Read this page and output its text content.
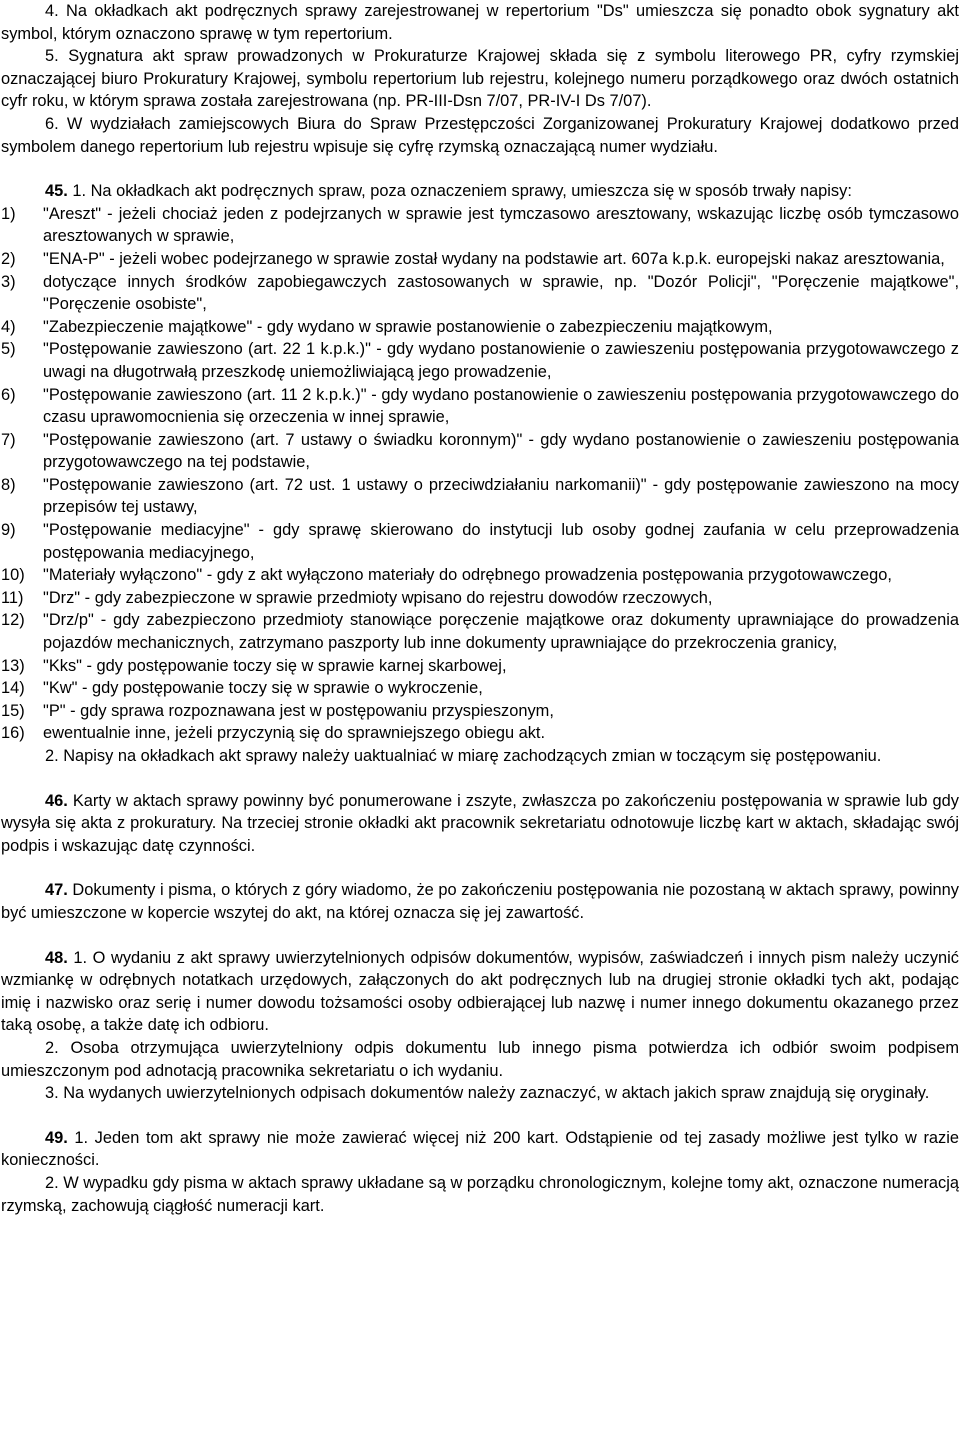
4. Na okładkach akt podręcznych sprawy zarejestrowanej w repertorium "Ds" umieszcza się ponadto obok sygnatury akt symbol, którym oznaczono sprawę w tym repertorium.

5. Sygnatura akt spraw prowadzonych w Prokuraturze Krajowej składa się z symbolu literowego PR, cyfry rzymskiej oznaczającej biuro Prokuratury Krajowej, symbolu repertorium lub rejestru, kolejnego numeru porządkowego oraz dwóch ostatnich cyfr roku, w którym sprawa została zarejestrowana (np. PR-III-Dsn 7/07, PR-IV-I Ds 7/07).

6. W wydziałach zamiejscowych Biura do Spraw Przestępczości Zorganizowanej Prokuratury Krajowej dodatkowo przed symbolem danego repertorium lub rejestru wpisuje się cyfrę rzymską oznaczającą numer wydziału.

45. 1. Na okładkach akt podręcznych spraw, poza oznaczeniem sprawy, umieszcza się w sposób trwały napisy:

1)	"Areszt" - jeżeli chociaż jeden z podejrzanych w sprawie jest tymczasowo aresztowany, wskazując liczbę osób tymczasowo aresztowanych w sprawie,
2)	"ENA-P" - jeżeli wobec podejrzanego w sprawie został wydany na podstawie art. 607a k.p.k. europejski nakaz aresztowania,
3)	dotyczące innych środków zapobiegawczych zastosowanych w sprawie, np. "Dozór Policji", "Poręczenie majątkowe", "Poręczenie osobiste",
4)	"Zabezpieczenie majątkowe" - gdy wydano w sprawie postanowienie o zabezpieczeniu majątkowym,
5)	"Postępowanie zawieszono (art. 22 1 k.p.k.)" - gdy wydano postanowienie o zawieszeniu postępowania przygotowawczego z uwagi na długotrwałą przeszkodę uniemożliwiającą jego prowadzenie,
6)	"Postępowanie zawieszono (art. 11 2 k.p.k.)" - gdy wydano postanowienie o zawieszeniu postępowania przygotowawczego do czasu uprawomocnienia się orzeczenia w innej sprawie,
7)	"Postępowanie zawieszono (art. 7 ustawy o świadku koronnym)" - gdy wydano postanowienie o zawieszeniu postępowania przygotowawczego na tej podstawie,
8)	"Postępowanie zawieszono (art. 72 ust. 1 ustawy o przeciwdziałaniu narkomanii)" - gdy postępowanie zawieszono na mocy przepisów tej ustawy,
9)	"Postępowanie mediacyjne" - gdy sprawę skierowano do instytucji lub osoby godnej zaufania w celu przeprowadzenia postępowania mediacyjnego,
10)	"Materiały wyłączono" - gdy z akt wyłączono materiały do odrębnego prowadzenia postępowania przygotowawczego,
11)	"Drz" - gdy zabezpieczone w sprawie przedmioty wpisano do rejestru dowodów rzeczowych,
12)	"Drz/p" - gdy zabezpieczono przedmioty stanowiące poręczenie majątkowe oraz dokumenty uprawniające do prowadzenia pojazdów mechanicznych, zatrzymano paszporty lub inne dokumenty uprawniające do przekroczenia granicy,
13)	"Kks" - gdy postępowanie toczy się w sprawie karnej skarbowej,
14)	"Kw" - gdy postępowanie toczy się w sprawie o wykroczenie,
15)	"P" - gdy sprawa rozpoznawana jest w postępowaniu przyspieszonym,
16)	ewentualnie inne, jeżeli przyczynią się do sprawniejszego obiegu akt.

2. Napisy na okładkach akt sprawy należy uaktualniać w miarę zachodzących zmian w toczącym się postępowaniu.

46. Karty w aktach sprawy powinny być ponumerowane i zszyte, zwłaszcza po zakończeniu postępowania w sprawie lub gdy wysyła się akta z prokuratury. Na trzeciej stronie okładki akt pracownik sekretariatu odnotowuje liczbę kart w aktach, składając swój podpis i wskazując datę czynności.

47. Dokumenty i pisma, o których z góry wiadomo, że po zakończeniu postępowania nie pozostaną w aktach sprawy, powinny być umieszczone w kopercie wszytej do akt, na której oznacza się jej zawartość.

48. 1. O wydaniu z akt sprawy uwierzytelnionych odpisów dokumentów, wypisów, zaświadczeń i innych pism należy uczynić wzmiankę w odrębnych notatkach urzędowych, załączonych do akt podręcznych lub na drugiej stronie okładki tych akt, podając imię i nazwisko oraz serię i numer dowodu tożsamości osoby odbierającej lub nazwę i numer innego dokumentu okazanego przez taką osobę, a także datę ich odbioru.

2. Osoba otrzymująca uwierzytelniony odpis dokumentu lub innego pisma potwierdza ich odbiór swoim podpisem umieszczonym pod adnotacją pracownika sekretariatu o ich wydaniu.

3. Na wydanych uwierzytelnionych odpisach dokumentów należy zaznaczyć, w aktach jakich spraw znajdują się oryginały.

49. 1. Jeden tom akt sprawy nie może zawierać więcej niż 200 kart. Odstąpienie od tej zasady możliwe jest tylko w razie konieczności.

2. W wypadku gdy pisma w aktach sprawy układane są w porządku chronologicznym, kolejne tomy akt, oznaczone numeracją rzymską, zachowują ciągłość numeracji kart.
